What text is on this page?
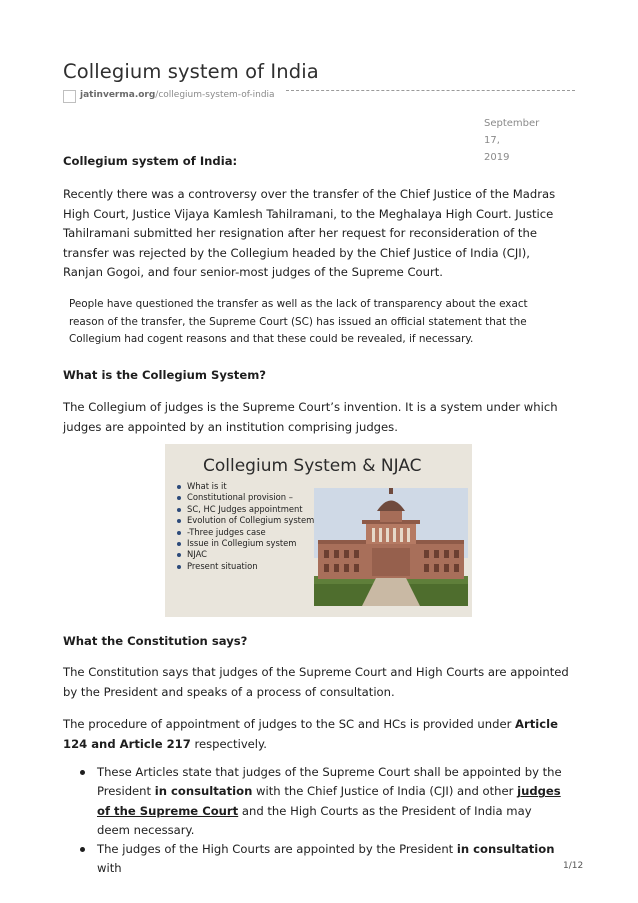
Collegium system of India
jatinverma.org/collegium-system-of-india
September 17,
2019

Collegium system of India:

Recently there was a controversy over the transfer of the Chief Justice of the Madras High Court, Justice Vijaya Kamlesh Tahilramani, to the Meghalaya High Court. Justice Tahilramani submitted her resignation after her request for reconsideration of the transfer was rejected by the Collegium headed by the Chief Justice of India (CJI), Ranjan Gogoi, and four senior-most judges of the Supreme Court.

People have questioned the transfer as well as the lack of transparency about the exact reason of the transfer, the Supreme Court (SC) has issued an official statement that the Collegium had cogent reasons and that these could be revealed, if necessary.

What is the Collegium System?

The Collegium of judges is the Supreme Court’s invention. It is a system under which judges are appointed by an institution comprising judges.

Collegium System & NJAC
What is it
Constitutional provision –
SC, HC Judges appointment
Evolution of Collegium system
-Three judges case
Issue in Collegium system
NJAC
Present situation

What the Constitution says?

The Constitution says that judges of the Supreme Court and High Courts are appointed by the President and speaks of a process of consultation.

The procedure of appointment of judges to the SC and HCs is provided under Article 124 and Article 217 respectively.

These Articles state that judges of the Supreme Court shall be appointed by the President in consultation with the Chief Justice of India (CJI) and other judges of the Supreme Court and the High Courts as the President of India may deem necessary.
The judges of the High Courts are appointed by the President in consultation with	1/12
